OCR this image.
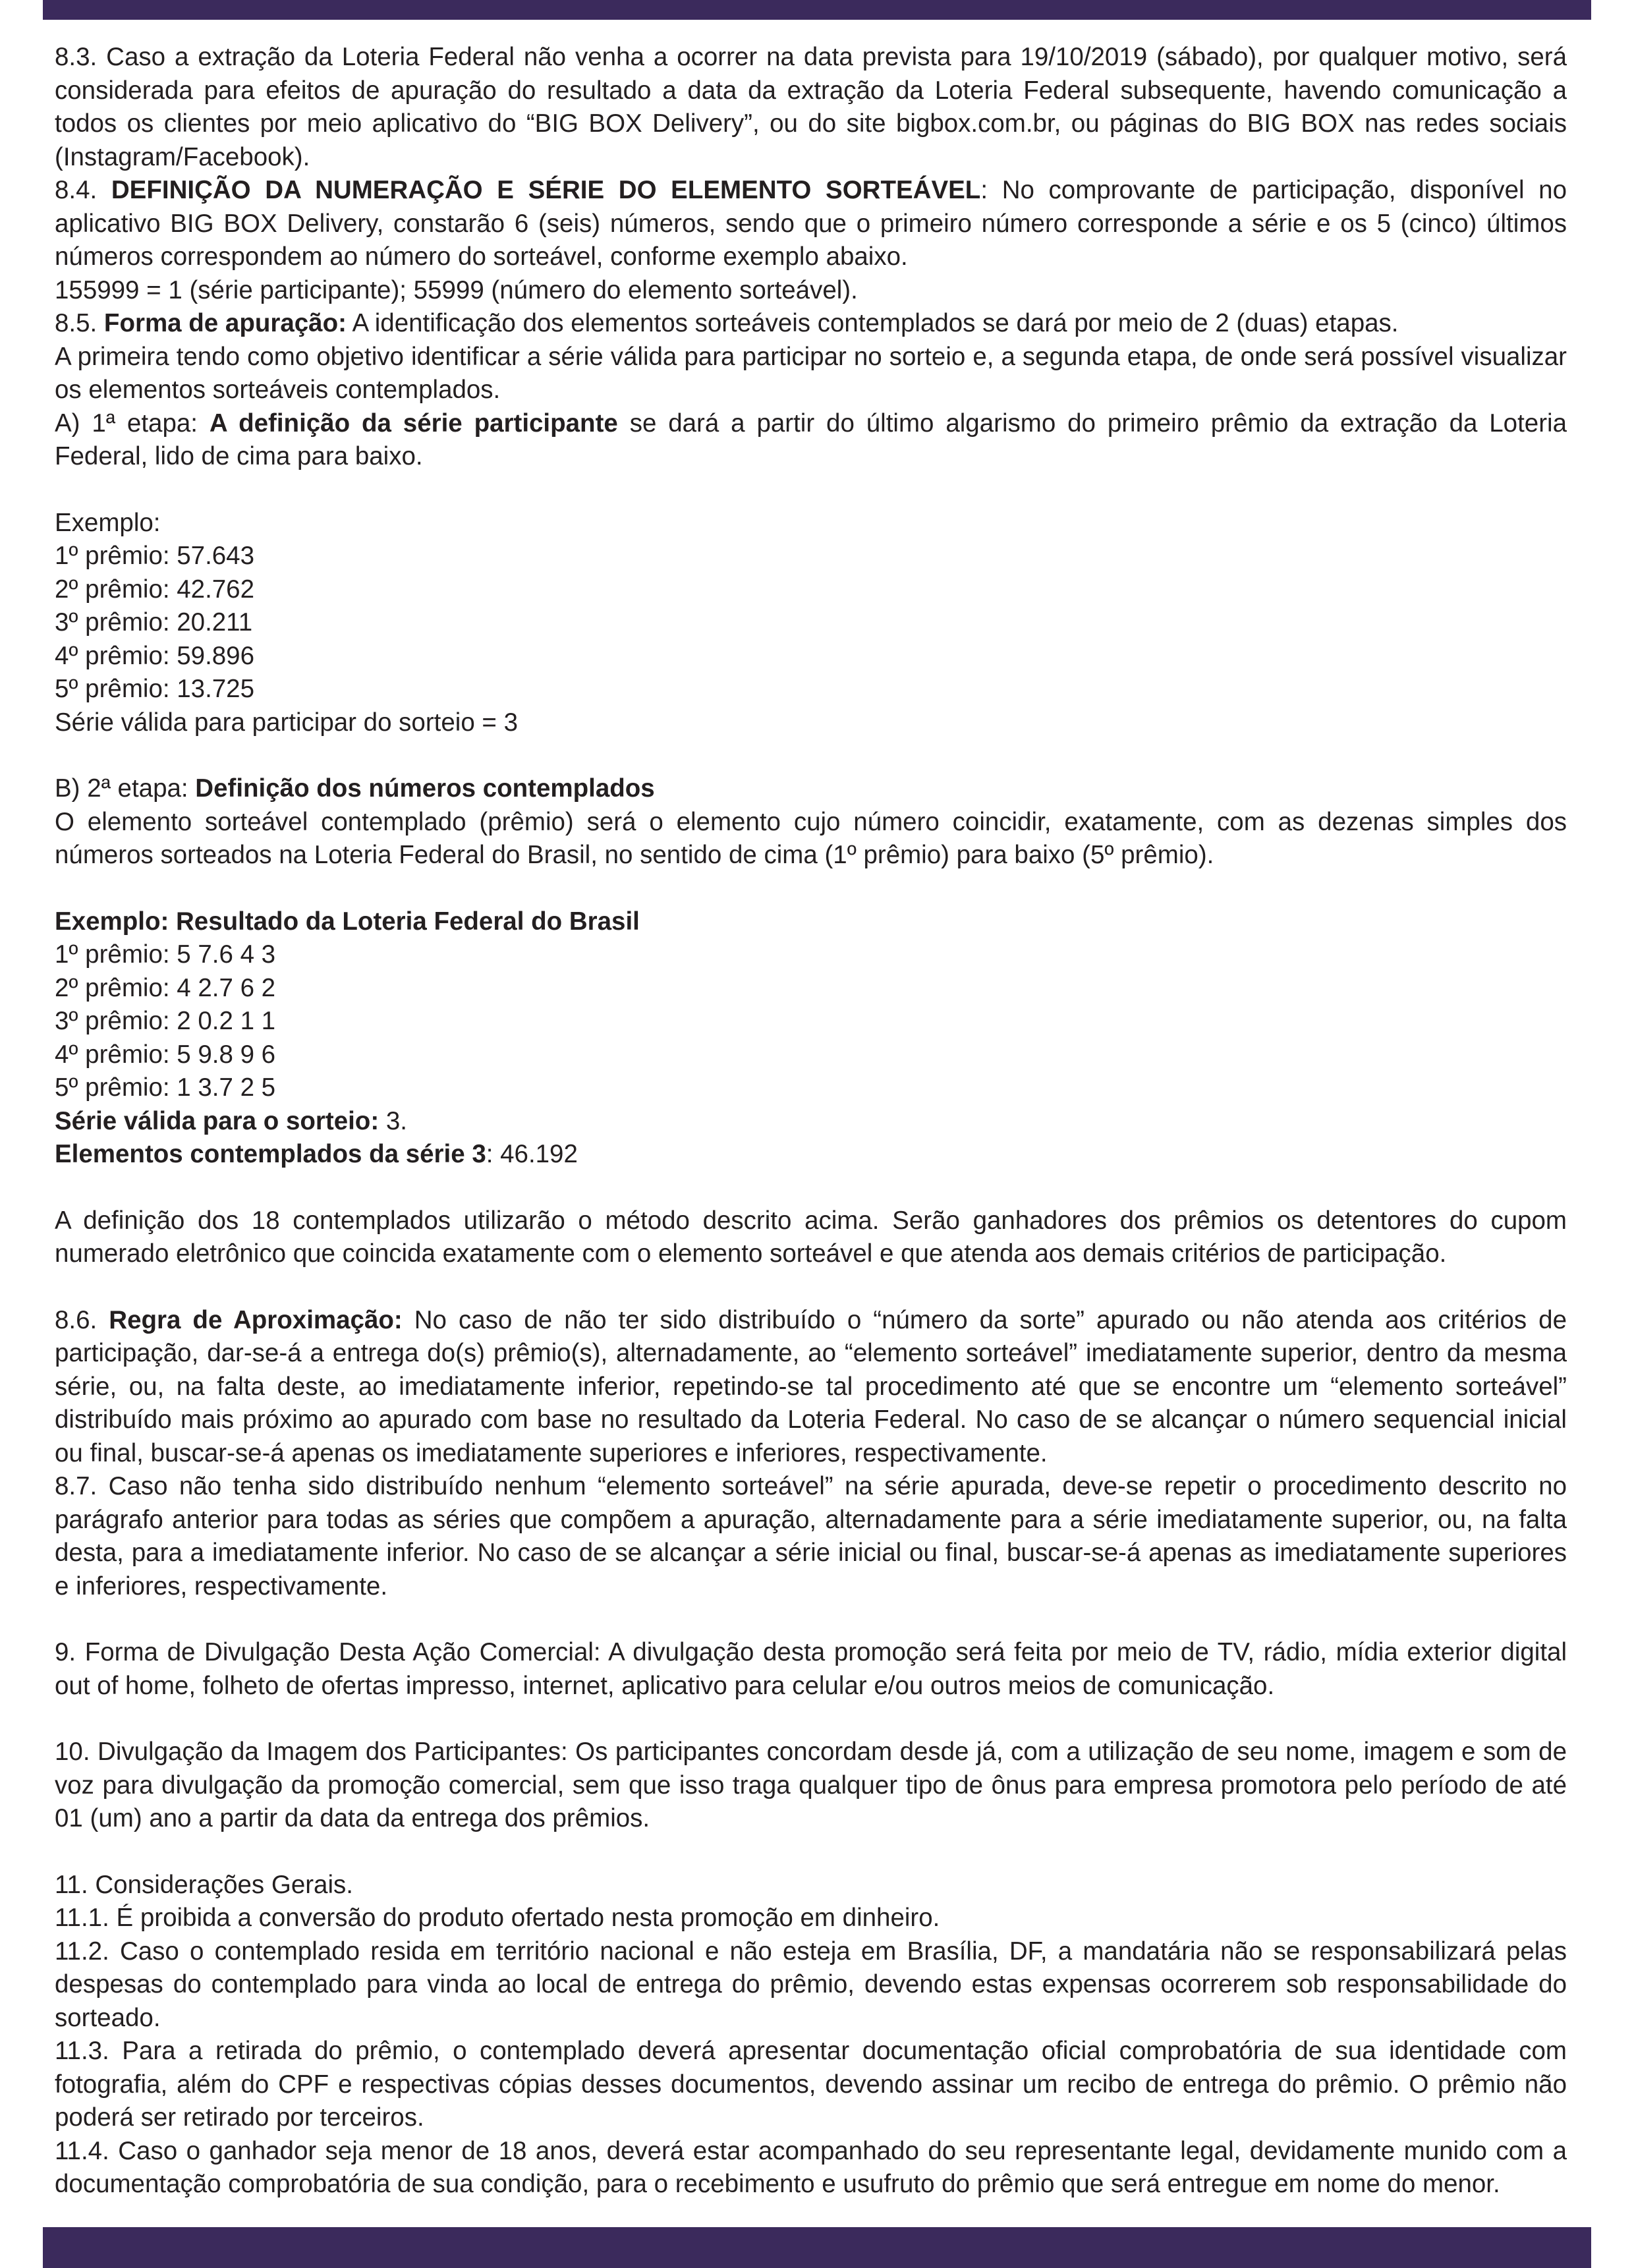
8.3. Caso a extração da Loteria Federal não venha a ocorrer na data prevista para 19/10/2019 (sábado), por qualquer motivo, será considerada para efeitos de apuração do resultado a data da extração da Loteria Federal subsequente, havendo comunicação a todos os clientes por meio aplicativo do “BIG BOX Delivery”, ou do site bigbox.com.br, ou páginas do BIG BOX nas redes sociais (Instagram/Facebook).

8.4. DEFINIÇÃO DA NUMERAÇÃO E SÉRIE DO ELEMENTO SORTEÁVEL: No comprovante de participação, disponível no aplicativo BIG BOX Delivery, constarão 6 (seis) números, sendo que o primeiro número corresponde a série e os 5 (cinco) últimos números correspondem ao número do sorteável, conforme exemplo abaixo.

155999 = 1 (série participante); 55999 (número do elemento sorteável).

8.5. Forma de apuração: A identificação dos elementos sorteáveis contemplados se dará por meio de 2 (duas) etapas.

A primeira tendo como objetivo identificar a série válida para participar no sorteio e, a segunda etapa, de onde será possível visualizar os elementos sorteáveis contemplados.

A) 1ª etapa: A definição da série participante se dará a partir do último algarismo do primeiro prêmio da extração da Loteria Federal, lido de cima para baixo.

Exemplo:

1º prêmio: 57.643

2º prêmio: 42.762

3º prêmio: 20.211

4º prêmio: 59.896

5º prêmio: 13.725

Série válida para participar do sorteio = 3

B) 2ª etapa: Definição dos números contemplados

O elemento sorteável contemplado (prêmio) será o elemento cujo número coincidir, exatamente, com as dezenas simples dos números sorteados na Loteria Federal do Brasil, no sentido de cima (1º prêmio) para baixo (5º prêmio).

Exemplo: Resultado da Loteria Federal do Brasil

1º prêmio: 5 7.6 4 3

2º prêmio: 4 2.7 6 2

3º prêmio: 2 0.2 1 1

4º prêmio: 5 9.8 9 6

5º prêmio: 1 3.7 2 5

Série válida para o sorteio: 3.

Elementos contemplados da série 3: 46.192

A definição dos 18 contemplados utilizarão o método descrito acima. Serão ganhadores dos prêmios os detentores do cupom numerado eletrônico que coincida exatamente com o elemento sorteável e que atenda aos demais critérios de participação.

8.6. Regra de Aproximação: No caso de não ter sido distribuído o “número da sorte” apurado ou não atenda aos critérios de participação, dar-se-á a entrega do(s) prêmio(s), alternadamente, ao “elemento sorteável” imediatamente superior, dentro da mesma série, ou, na falta deste, ao imediatamente inferior, repetindo-se tal procedimento até que se encontre um “elemento sorteável” distribuído mais próximo ao apurado com base no resultado da Loteria Federal. No caso de se alcançar o número sequencial inicial ou final, buscar-se-á apenas os imediatamente superiores e inferiores, respectivamente.

8.7. Caso não tenha sido distribuído nenhum “elemento sorteável” na série apurada, deve-se repetir o procedimento descrito no parágrafo anterior para todas as séries que compõem a apuração, alternadamente para a série imediatamente superior, ou, na falta desta, para a imediatamente inferior. No caso de se alcançar a série inicial ou final, buscar-se-á apenas as imediatamente superiores e inferiores, respectivamente.

9. Forma de Divulgação Desta Ação Comercial: A divulgação desta promoção será feita por meio de TV, rádio, mídia exterior digital out of home, folheto de ofertas impresso, internet, aplicativo para celular e/ou outros meios de comunicação.

10. Divulgação da Imagem dos Participantes: Os participantes concordam desde já, com a utilização de seu nome, imagem e som de voz para divulgação da promoção comercial, sem que isso traga qualquer tipo de ônus para empresa promotora pelo período de até 01 (um) ano a partir da data da entrega dos prêmios.

11. Considerações Gerais.

11.1. É proibida a conversão do produto ofertado nesta promoção em dinheiro.

11.2. Caso o contemplado resida em território nacional e não esteja em Brasília, DF, a mandatária não se responsabilizará pelas despesas do contemplado para vinda ao local de entrega do prêmio, devendo estas expensas ocorrerem sob responsabilidade do sorteado.

11.3. Para a retirada do prêmio, o contemplado deverá apresentar documentação oficial comprobatória de sua identidade com fotografia, além do CPF e respectivas cópias desses documentos, devendo assinar um recibo de entrega do prêmio. O prêmio não poderá ser retirado por terceiros.

11.4. Caso o ganhador seja menor de 18 anos, deverá estar acompanhado do seu representante legal, devidamente munido com a documentação comprobatória de sua condição, para o recebimento e usufruto do prêmio que será entregue em nome do menor.
